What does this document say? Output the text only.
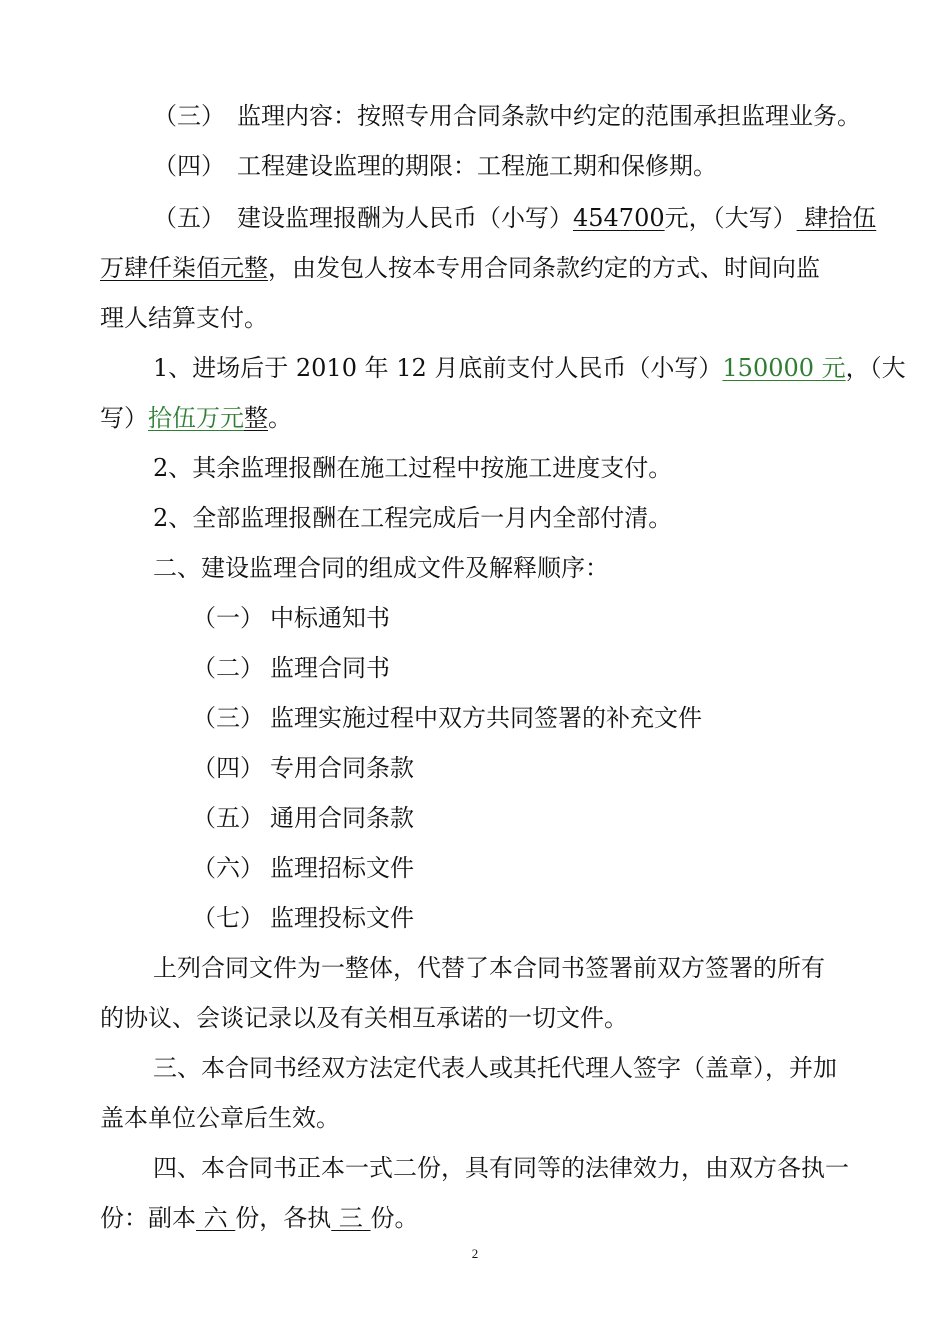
（三） 监理内容：按照专用合同条款中约定的范围承担监理业务。
（四） 工程建设监理的期限：工程施工期和保修期。
（五） 建设监理报酬为人民币（小写）454700元，（大写） 肆拾伍
万肆仟柒佰元整，由发包人按本专用合同条款约定的方式、时间向监
理人结算支付。
1、进场后于 2010 年 12 月底前支付人民币（小写）150000 元，（大
写）拾伍万元整。
2、其余监理报酬在施工过程中按施工进度支付。
2、全部监理报酬在工程完成后一月内全部付清。
二、建设监理合同的组成文件及解释顺序：
（一） 中标通知书
（二） 监理合同书
（三） 监理实施过程中双方共同签署的补充文件
（四） 专用合同条款
（五） 通用合同条款
（六） 监理招标文件
（七） 监理投标文件
上列合同文件为一整体，代替了本合同书签署前双方签署的所有
的协议、会谈记录以及有关相互承诺的一切文件。
三、本合同书经双方法定代表人或其托代理人签字（盖章），并加
盖本单位公章后生效。
四、本合同书正本一式二份，具有同等的法律效力，由双方各执一
份：副本 六 份，各执 三 份。
2
